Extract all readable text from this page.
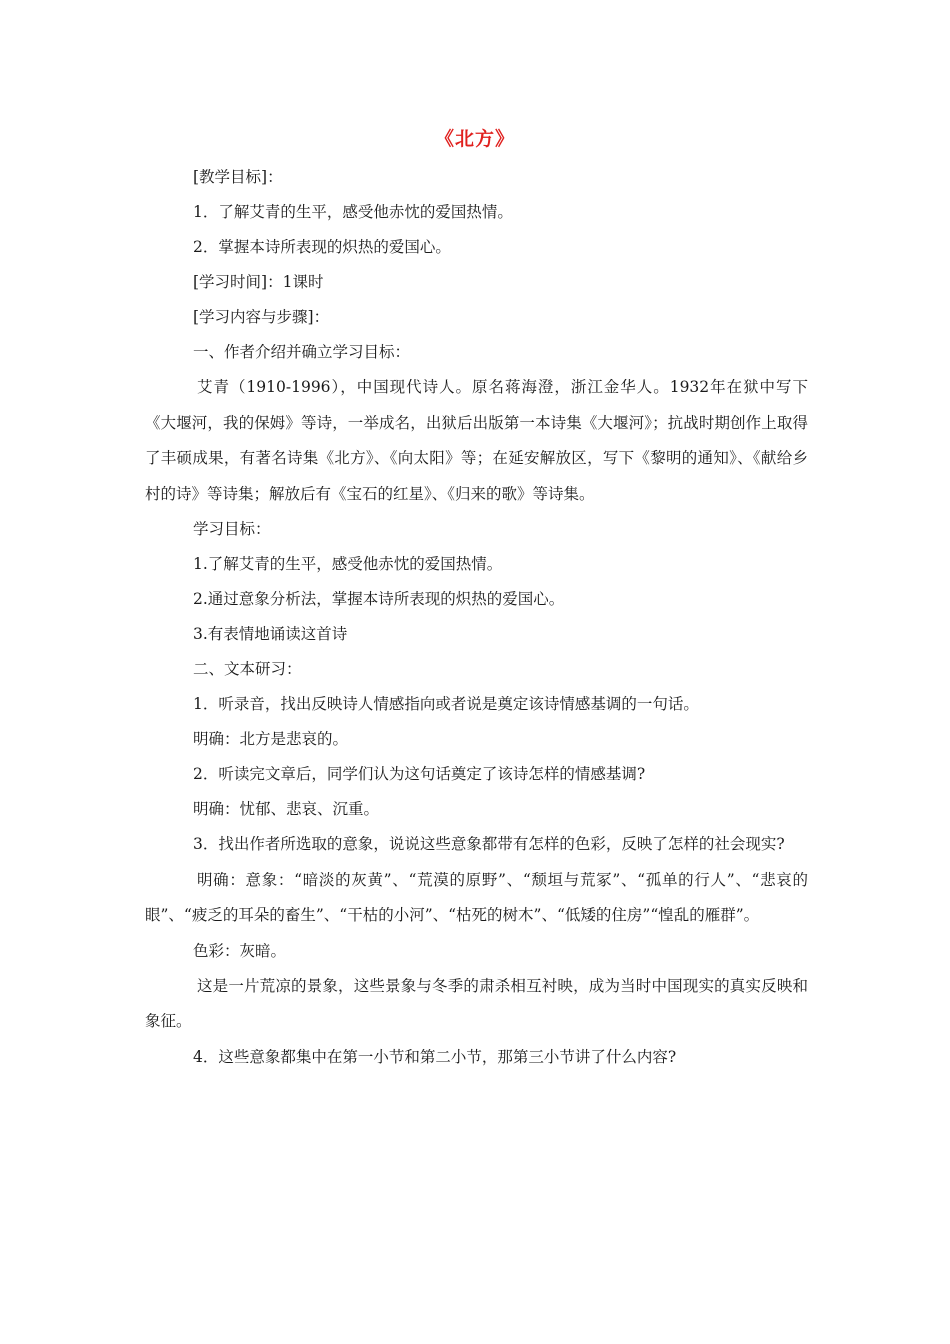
《北方》

[教学目标]：

1．了解艾青的生平，感受他赤忱的爱国热情。

2．掌握本诗所表现的炽热的爱国心。

[学习时间]：1课时

[学习内容与步骤]：

一、作者介绍并确立学习目标：

艾青（1910-1996），中国现代诗人。原名蒋海澄，浙江金华人。1932年在狱中写下《大堰河，我的保姆》等诗，一举成名，出狱后出版第一本诗集《大堰河》；抗战时期创作上取得了丰硕成果，有著名诗集《北方》、《向太阳》等；在延安解放区，写下《黎明的通知》、《献给乡村的诗》等诗集；解放后有《宝石的红星》、《归来的歌》等诗集。

学习目标：

1.了解艾青的生平，感受他赤忱的爱国热情。

2.通过意象分析法，掌握本诗所表现的炽热的爱国心。

3.有表情地诵读这首诗

二、文本研习：

1．听录音，找出反映诗人情感指向或者说是奠定该诗情感基调的一句话。

明确：北方是悲哀的。

2．听读完文章后，同学们认为这句话奠定了该诗怎样的情感基调?

明确：忧郁、悲哀、沉重。

3．找出作者所选取的意象，说说这些意象都带有怎样的色彩，反映了怎样的社会现实?

明确：意象：“暗淡的灰黄”、“荒漠的原野”、“颓垣与荒冢”、“孤单的行人”、“悲哀的眼”、“疲乏的耳朵的畜生”、“干枯的小河”、“枯死的树木”、“低矮的住房”“惶乱的雁群”。

色彩：灰暗。

这是一片荒凉的景象，这些景象与冬季的肃杀相互衬映，成为当时中国现实的真实反映和象征。

4．这些意象都集中在第一小节和第二小节，那第三小节讲了什么内容?
